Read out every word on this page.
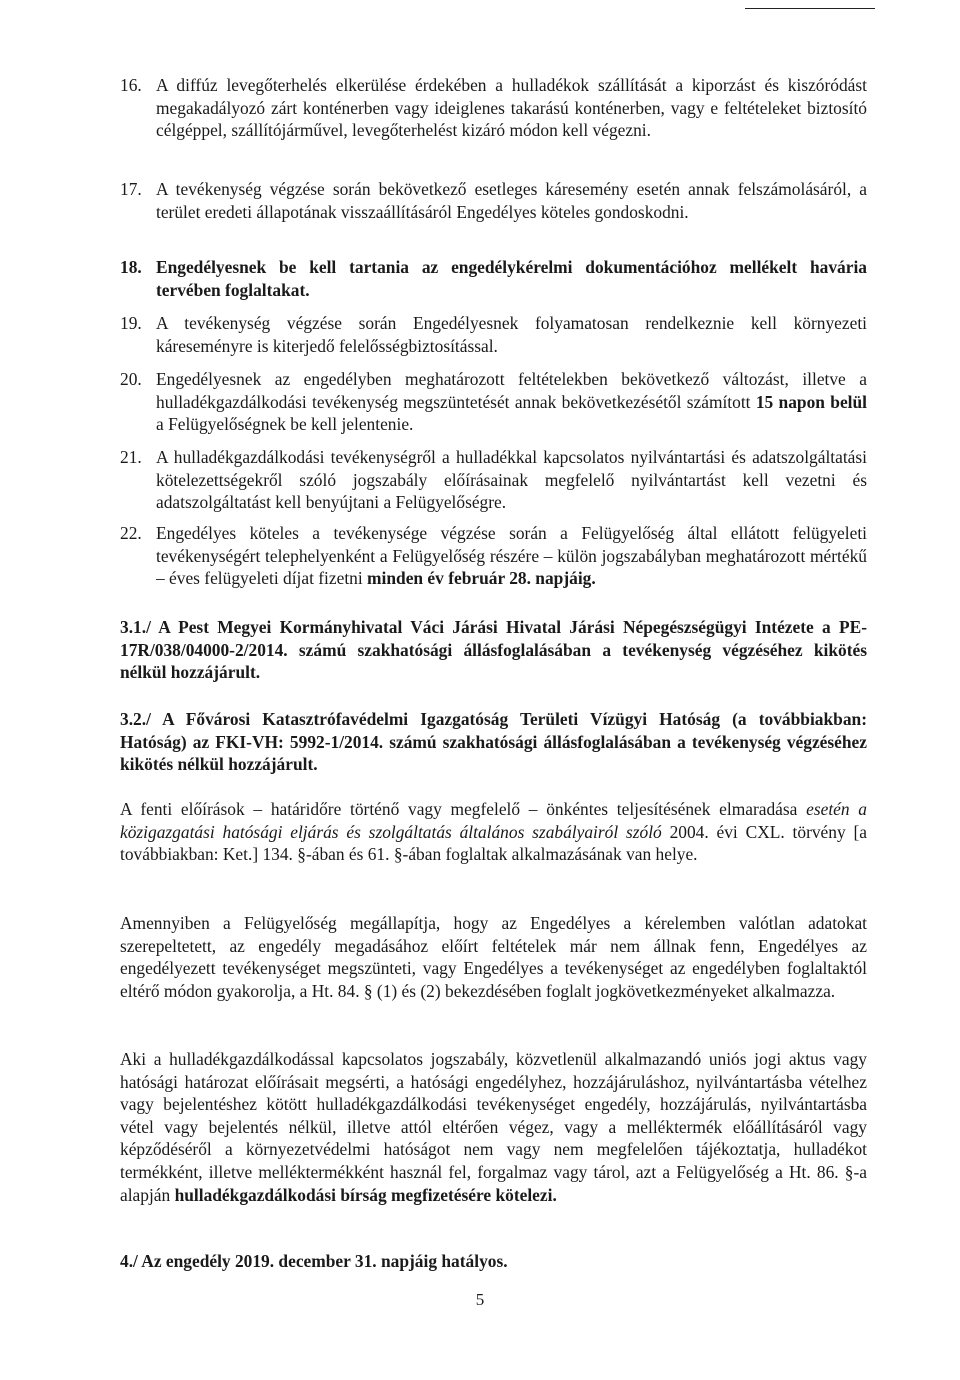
16. A diffúz levegőterhelés elkerülése érdekében a hulladékok szállítását a kiporzást és kiszóródást megakadályozó zárt konténerben vagy ideiglenes takarású konténerben, vagy e feltételeket biztosító célgéppel, szállítójárművel, levegőterhelést kizáró módon kell végezni.
17. A tevékenység végzése során bekövetkező esetleges káresemény esetén annak felszámolásáról, a terület eredeti állapotának visszaállításáról Engedélyes köteles gondoskodni.
18. Engedélyesnek be kell tartania az engedélykérelmi dokumentációhoz mellékelt havária tervében foglaltakat.
19. A tevékenység végzése során Engedélyesnek folyamatosan rendelkeznie kell környezeti káreseményre is kiterjedő felelősségbiztosítással.
20. Engedélyesnek az engedélyben meghatározott feltételekben bekövetkező változást, illetve a hulladékgazdálkodási tevékenység megszüntetését annak bekövetkezésétől számított 15 napon belül a Felügyelőségnek be kell jelentenie.
21. A hulladékgazdálkodási tevékenységről a hulladékkal kapcsolatos nyilvántartási és adatszolgáltatási kötelezettségekről szóló jogszabály előírásainak megfelelő nyilvántartást kell vezetni és adatszolgáltatást kell benyújtani a Felügyelőségre.
22. Engedélyes köteles a tevékenysége végzése során a Felügyelőség által ellátott felügyeleti tevékenységért telephelyenként a Felügyelőség részére – külön jogszabályban meghatározott mértékű – éves felügyeleti díjat fizetni minden év február 28. napjáig.
3.1./ A Pest Megyei Kormányhivatal Váci Járási Hivatal Járási Népegészségügyi Intézete a PE-17R/038/04000-2/2014. számú szakhatósági állásfoglalásában a tevékenység végzéséhez kikötés nélkül hozzájárult.
3.2./ A Fővárosi Katasztrófavédelmi Igazgatóság Területi Vízügyi Hatóság (a továbbiakban: Hatóság) az FKI-VH: 5992-1/2014. számú szakhatósági állásfoglalásában a tevékenység végzéséhez kikötés nélkül hozzájárult.
A fenti előírások – határidőre történő vagy megfelelő – önkéntes teljesítésének elmaradása esetén a közigazgatási hatósági eljárás és szolgáltatás általános szabályairól szóló 2004. évi CXL. törvény [a továbbiakban: Ket.] 134. §-ában és 61. §-ában foglaltak alkalmazásának van helye.
Amennyiben a Felügyelőség megállapítja, hogy az Engedélyes a kérelemben valótlan adatokat szerepeltetett, az engedély megadásához előírt feltételek már nem állnak fenn, Engedélyes az engedélyezett tevékenységet megszünteti, vagy Engedélyes a tevékenységet az engedélyben foglaltaktól eltérő módon gyakorolja, a Ht. 84. § (1) és (2) bekezdésében foglalt jogkövetkezményeket alkalmazza.
Aki a hulladékgazdálkodással kapcsolatos jogszabály, közvetlenül alkalmazandó uniós jogi aktus vagy hatósági határozat előírásait megsérti, a hatósági engedélyhez, hozzájáruláshoz, nyilvántartásba vételhez vagy bejelentéshez kötött hulladékgazdálkodási tevékenységet engedély, hozzájárulás, nyilvántartásba vétel vagy bejelentés nélkül, illetve attól eltérően végez, vagy a melléktermék előállításáról vagy képződéséről a környezetvédelmi hatóságot nem vagy nem megfelelően tájékoztatja, hulladékot termékként, illetve melléktermékként használ fel, forgalmaz vagy tárol, azt a Felügyelőség a Ht. 86. §-a alapján hulladékgazdálkodási bírság megfizetésére kötelezi.
4./ Az engedély 2019. december 31. napjáig hatályos.
5
